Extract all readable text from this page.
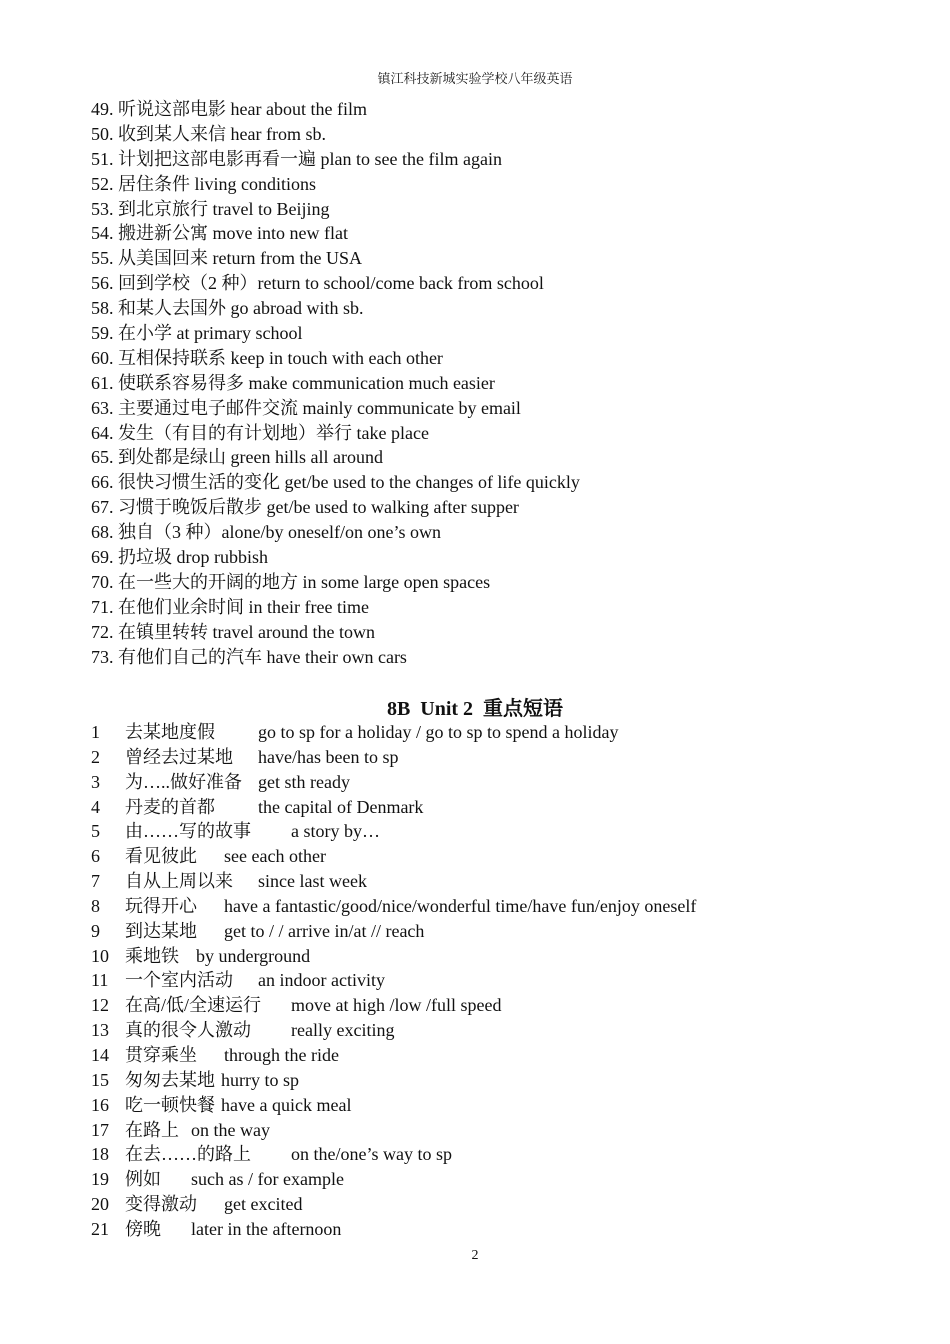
镇江科技新城实验学校八年级英语
49. 听说这部电影 hear about the film
50. 收到某人来信 hear from sb.
51. 计划把这部电影再看一遍 plan to see the film again
52. 居住条件 living conditions
53. 到北京旅行 travel to Beijing
54. 搬进新公寓 move into new flat
55. 从美国回来 return from the USA
56. 回到学校（2 种）return to school/come back from school
58. 和某人去国外 go abroad with sb.
59. 在小学 at primary school
60. 互相保持联系 keep in touch with each other
61. 使联系容易得多 make communication much easier
63. 主要通过电子邮件交流 mainly communicate by email
64. 发生（有目的有计划地）举行 take place
65. 到处都是绿山 green hills all around
66. 很快习惯生活的变化 get/be used to the changes of life quickly
67. 习惯于晚饭后散步 get/be used to walking after supper
68. 独自（3 种）alone/by oneself/on one’s own
69. 扔垃圾 drop rubbish
70. 在一些大的开阔的地方 in some large open spaces
71. 在他们业余时间 in their free time
72. 在镇里转转 travel around the town
73. 有他们自己的汽车 have their own cars
8B  Unit 2  重点短语
1 去某地度假 go to sp for a holiday / go to sp to spend a holiday
2 曾经去过某地 have/has been to sp
3 为…..做好准备 get sth ready
4 丹麦的首都 the capital of Denmark
5 由……写的故事 a story by…
6 看见彼此 see each other
7 自从上周以来 since last week
8 玩得开心 have a fantastic/good/nice/wonderful time/have fun/enjoy oneself
9 到达某地 get to / / arrive in/at // reach
10 乘地铁 by underground
11 一个室内活动 an indoor activity
12 在高/低/全速运行 move at high /low /full speed
13 真的很令人激动 really exciting
14 贯穿乘坐 through the ride
15 匆匆去某地 hurry to sp
16 吃一顿快餐 have a quick meal
17 在路上 on the way
18 在去……的路上 on the/one’s way to sp
19 例如 such as / for example
20 变得激动 get excited
21 傍晚 later in the afternoon
2
